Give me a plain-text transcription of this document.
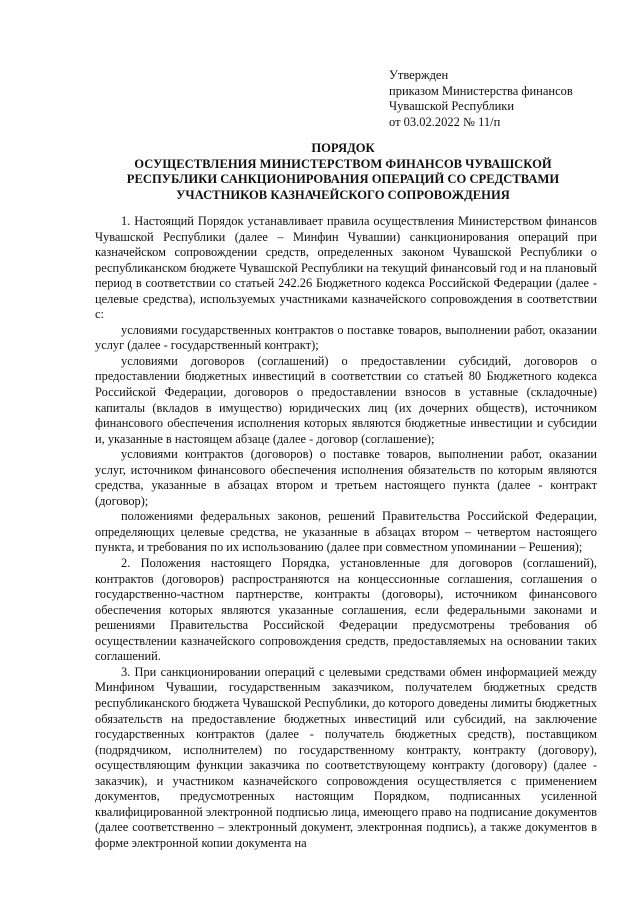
Утвержден
приказом Министерства финансов
Чувашской Республики
от 03.02.2022 № 11/п
ПОРЯДОК
ОСУЩЕСТВЛЕНИЯ МИНИСТЕРСТВОМ ФИНАНСОВ ЧУВАШСКОЙ
РЕСПУБЛИКИ САНКЦИОНИРОВАНИЯ ОПЕРАЦИЙ СО СРЕДСТВАМИ
УЧАСТНИКОВ КАЗНАЧЕЙСКОГО СОПРОВОЖДЕНИЯ

1. Настоящий Порядок устанавливает правила осуществления Министерством финансов Чувашской Республики (далее – Минфин Чувашии) санкционирования операций при казначейском сопровождении средств, определенных законом Чувашской Республики о республиканском бюджете Чувашской Республики на текущий финансовый год и на плановый период в соответствии со статьей 242.26 Бюджетного кодекса Российской Федерации (далее - целевые средства), используемых участниками казначейского сопровождения в соответствии с:

условиями государственных контрактов о поставке товаров, выполнении работ, оказании услуг (далее - государственный контракт);

условиями договоров (соглашений) о предоставлении субсидий, договоров о предоставлении бюджетных инвестиций в соответствии со статьей 80 Бюджетного кодекса Российской Федерации, договоров о предоставлении взносов в уставные (складочные) капиталы (вкладов в имущество) юридических лиц (их дочерних обществ), источником финансового обеспечения исполнения которых являются бюджетные инвестиции и субсидии и, указанные в настоящем абзаце (далее - договор (соглашение);

условиями контрактов (договоров) о поставке товаров, выполнении работ, оказании услуг, источником финансового обеспечения исполнения обязательств по которым являются средства, указанные в абзацах втором и третьем настоящего пункта (далее - контракт (договор);

положениями федеральных законов, решений Правительства Российской Федерации, определяющих целевые средства, не указанные в абзацах втором – четвертом настоящего пункта, и требования по их использованию (далее при совместном упоминании – Решения);

2. Положения настоящего Порядка, установленные для договоров (соглашений), контрактов (договоров) распространяются на концессионные соглашения, соглашения о государственно-частном партнерстве, контракты (договоры), источником финансового обеспечения которых являются указанные соглашения, если федеральными законами и решениями Правительства Российской Федерации предусмотрены требования об осуществлении казначейского сопровождения средств, предоставляемых на основании таких соглашений.

3. При санкционировании операций с целевыми средствами обмен информацией между Минфином Чувашии, государственным заказчиком, получателем бюджетных средств республиканского бюджета Чувашской Республики, до которого доведены лимиты бюджетных обязательств на предоставление бюджетных инвестиций или субсидий, на заключение государственных контрактов (далее - получатель бюджетных средств), поставщиком (подрядчиком, исполнителем) по государственному контракту, контракту (договору), осуществляющим функции заказчика по соответствующему контракту (договору) (далее - заказчик), и участником казначейского сопровождения осуществляется с применением документов, предусмотренных настоящим Порядком, подписанных усиленной квалифицированной электронной подписью лица, имеющего право на подписание документов (далее соответственно – электронный документ, электронная подпись), а также документов в форме электронной копии документа на
